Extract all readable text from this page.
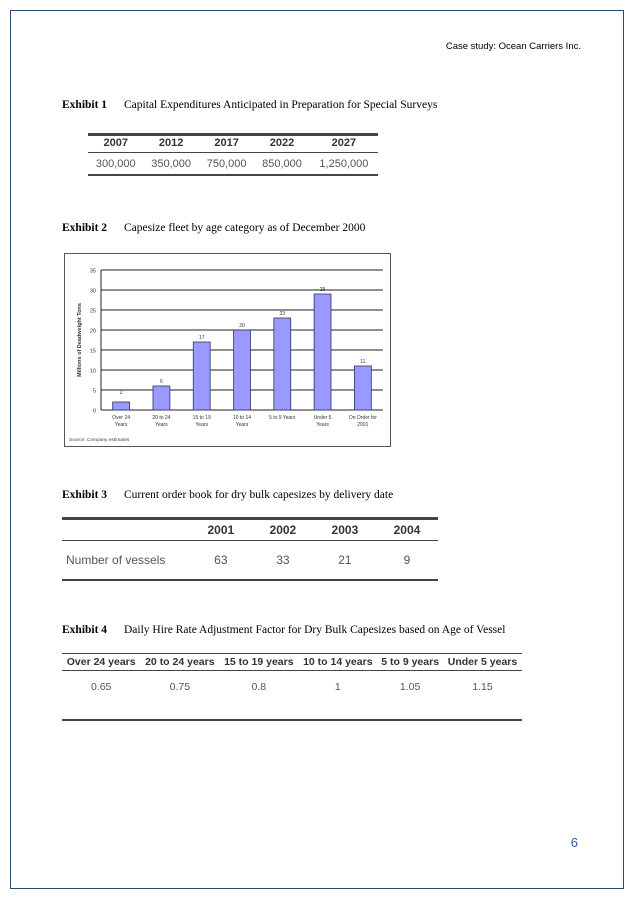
Case study: Ocean Carriers Inc.
Exhibit 1 Capital Expenditures Anticipated in Preparation for Special Surveys
2007	2012	2017	2022	2027
300,000	350,000	750,000	850,000	1,250,000
Exhibit 2 Capesize fleet by age category as of December 2000
0
5
10
15
20
25
30
35
Millions of Deadweight Tons
2
Over 24
Years
6
20 to 24
Years
17
15 to 19
Years
20
10 to 14
Years
23
5 to 9 Years
29
Under 5
Years
11
On Order for
2001
Source: Company estimates
Exhibit 3 Current order book for dry bulk capesizes by delivery date
	2001	2002	2003	2004
Number of vessels	63	33	21	9
Exhibit 4 Daily Hire Rate Adjustment Factor for Dry Bulk Capesizes based on Age of Vessel
Over 24 years	20 to 24 years	15 to 19 years	10 to 14 years	5 to 9 years	Under 5 years
0.65	0.75	0.8	1	1.05	1.15
6
